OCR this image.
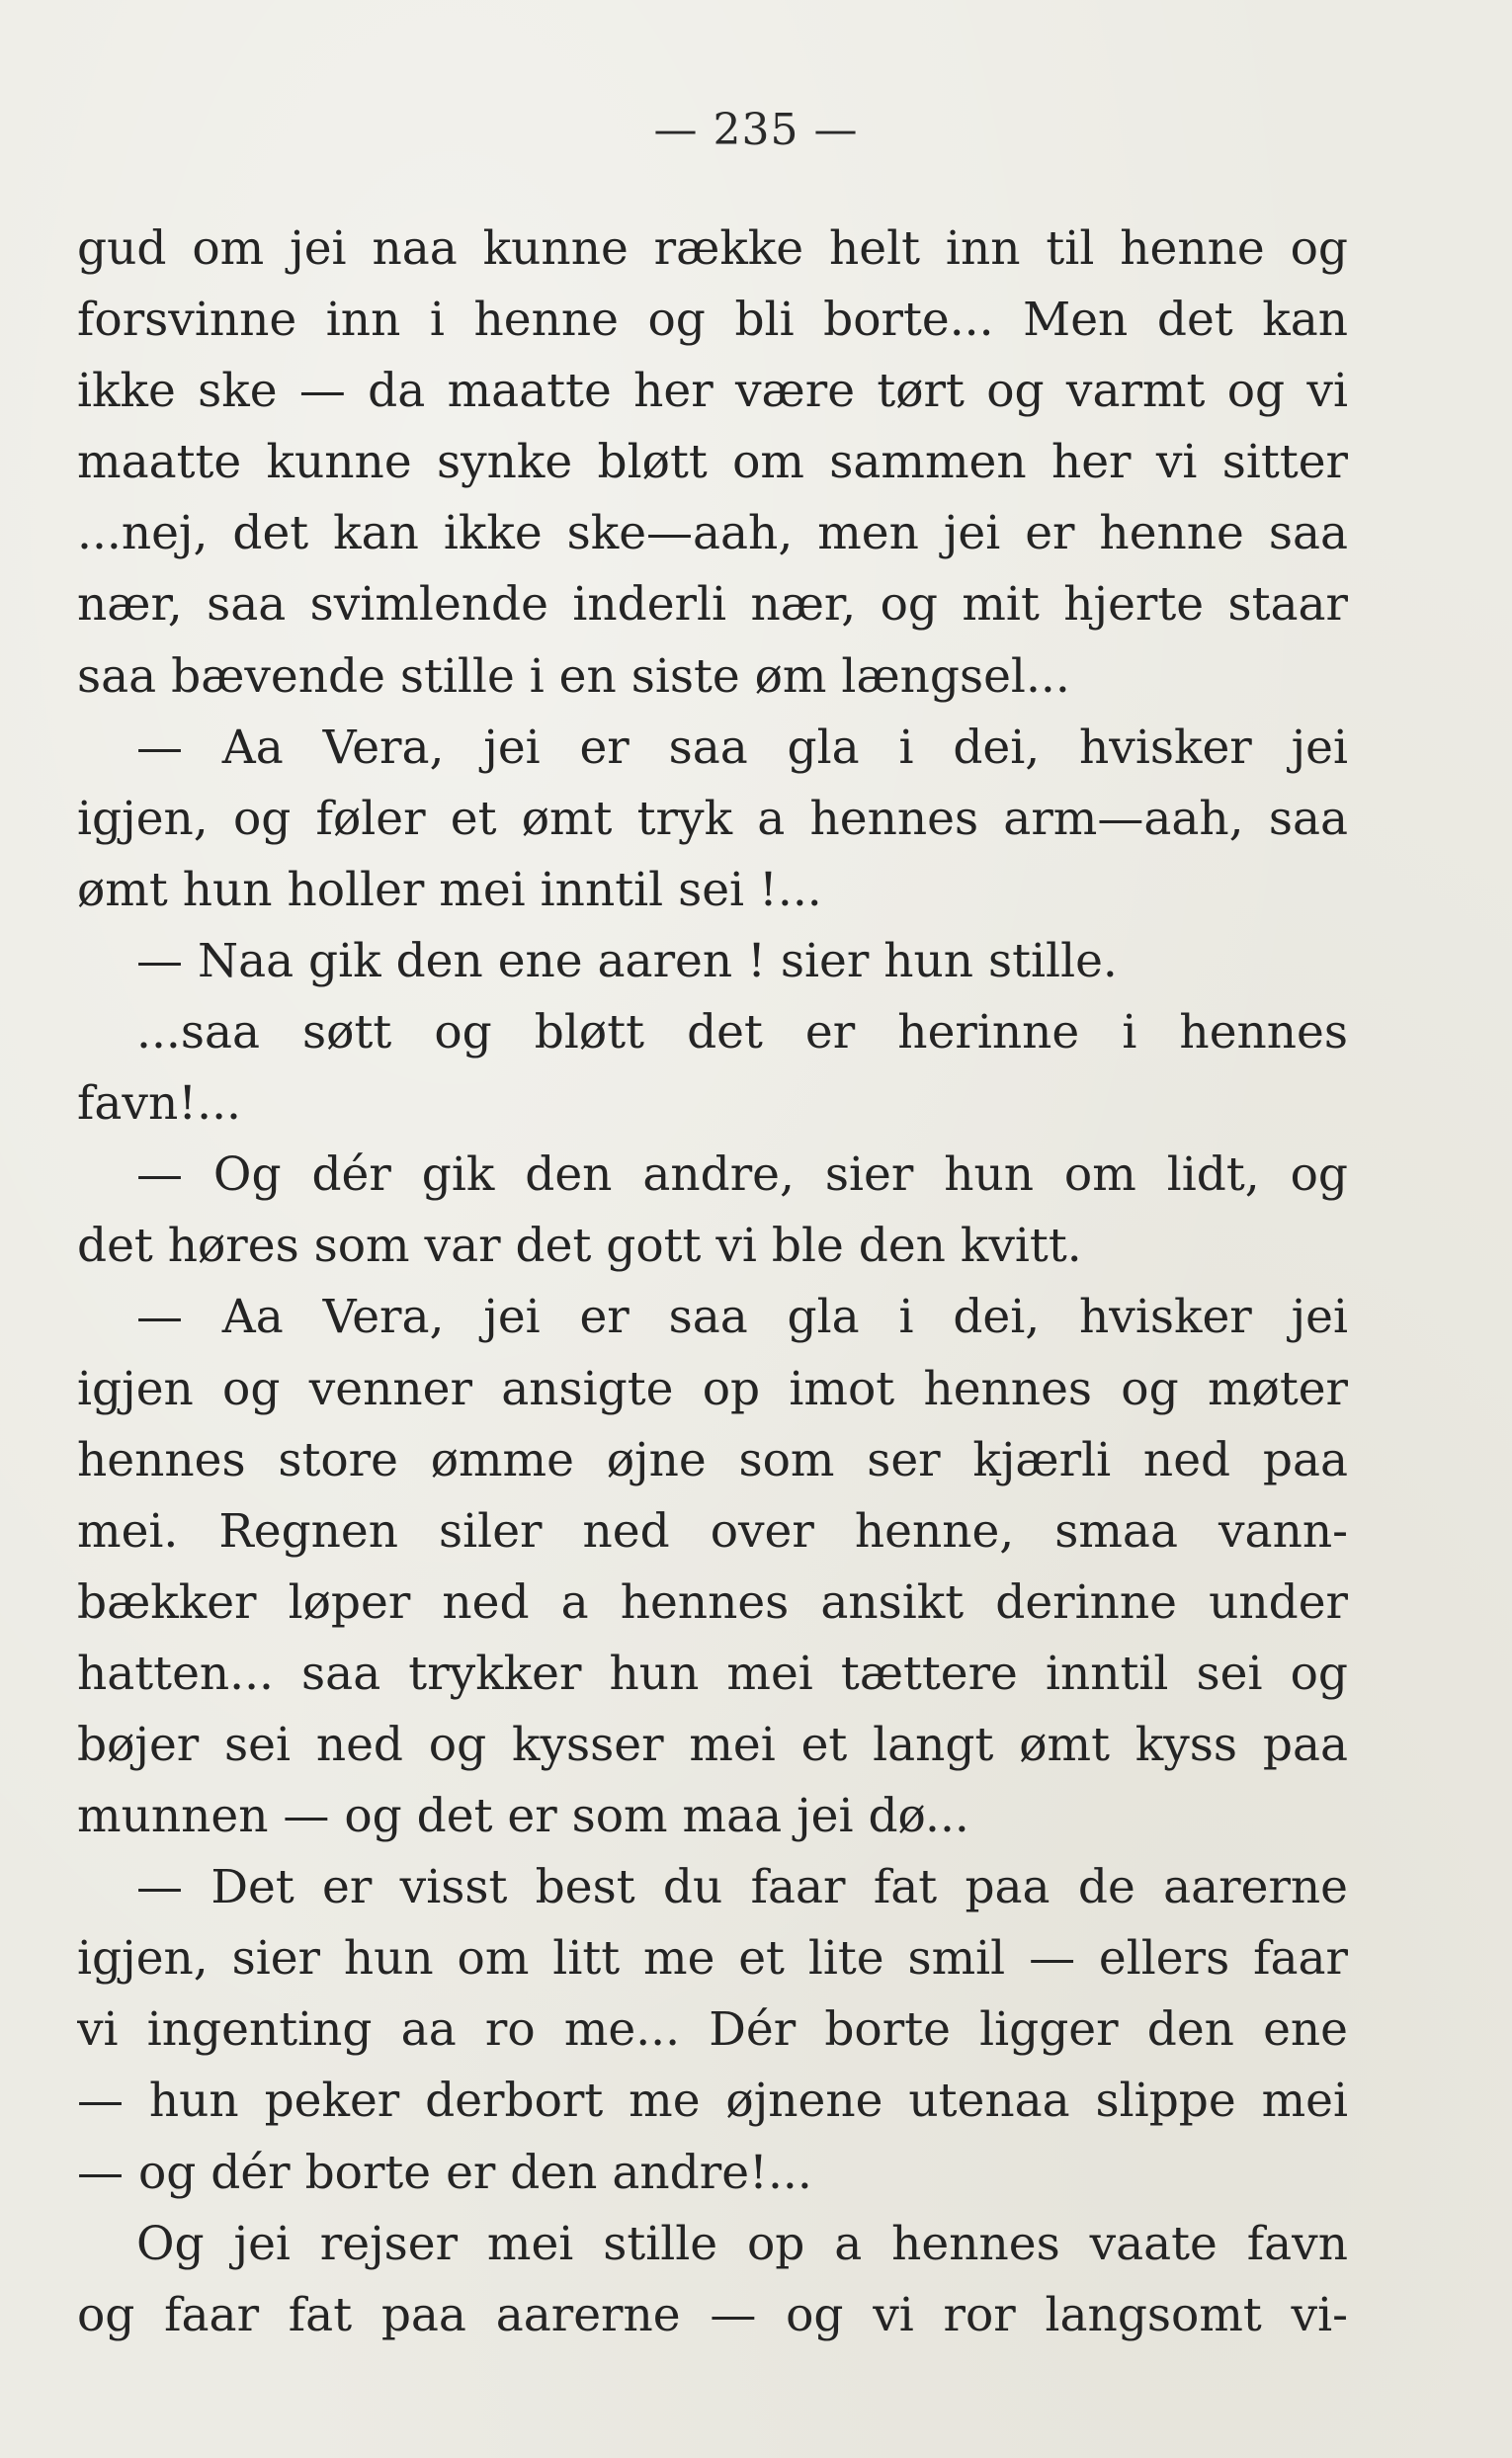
— 235 —
gud om jei naa kunne række helt inn til henne og
forsvinne inn i henne og bli borte... Men det kan
ikke ske — da maatte her være tørt og varmt og vi
maatte kunne synke bløtt om sammen her vi sitter
...nej, det kan ikke ske—aah, men jei er henne saa
nær, saa svimlende inderli nær, og mit hjerte staar
saa bævende stille i en siste øm længsel...
— Aa Vera, jei er saa gla i dei, hvisker jei
igjen, og føler et ømt tryk a hennes arm—aah, saa
ømt hun holler mei inntil sei !...
— Naa gik den ene aaren ! sier hun stille.
...saa søtt og bløtt det er herinne i hennes
favn!...
— Og dér gik den andre, sier hun om lidt, og
det høres som var det gott vi ble den kvitt.
— Aa Vera, jei er saa gla i dei, hvisker jei
igjen og venner ansigte op imot hennes og møter
hennes store ømme øjne som ser kjærli ned paa
mei. Regnen siler ned over henne, smaa vann-
bækker løper ned a hennes ansikt derinne under
hatten... saa trykker hun mei tættere inntil sei og
bøjer sei ned og kysser mei et langt ømt kyss paa
munnen — og det er som maa jei dø...
— Det er visst best du faar fat paa de aarerne
igjen, sier hun om litt me et lite smil — ellers faar
vi ingenting aa ro me... Dér borte ligger den ene
— hun peker derbort me øjnene utenaa slippe mei
— og dér borte er den andre!...
Og jei rejser mei stille op a hennes vaate favn
og faar fat paa aarerne — og vi ror langsomt vi-
